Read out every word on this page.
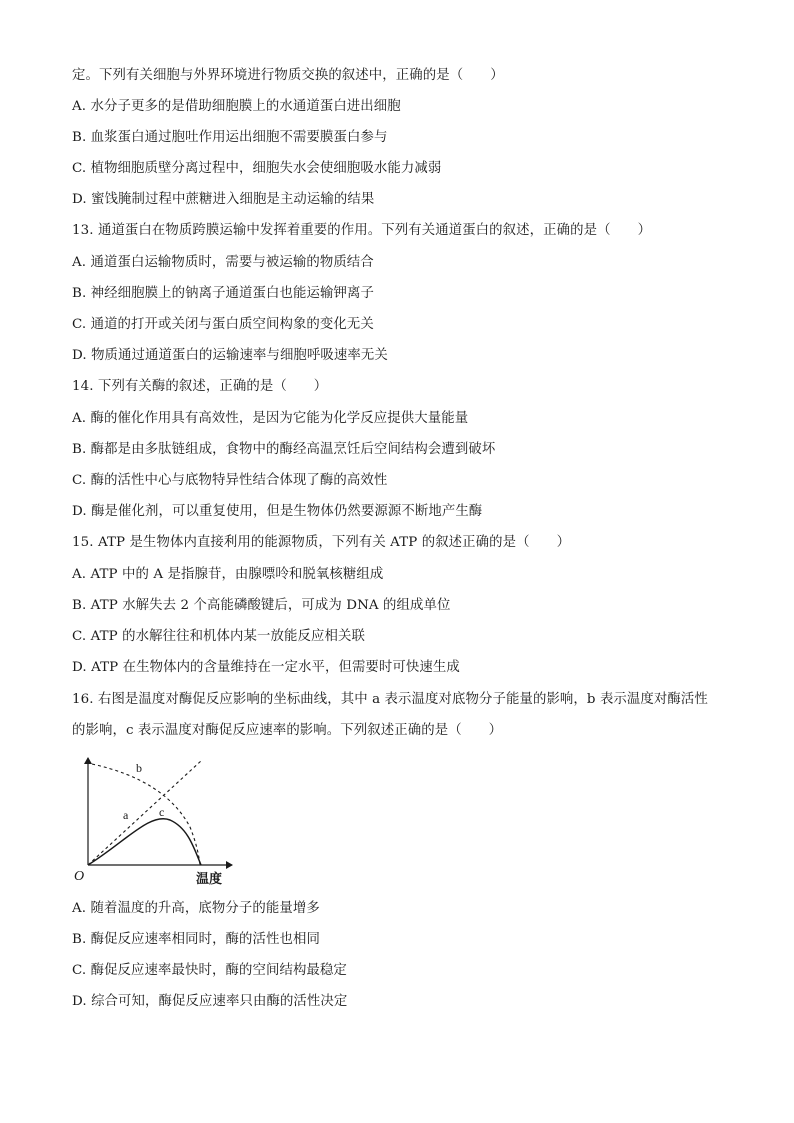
定。下列有关细胞与外界环境进行物质交换的叙述中，正确的是（　　）
A. 水分子更多的是借助细胞膜上的水通道蛋白进出细胞
B. 血浆蛋白通过胞吐作用运出细胞不需要膜蛋白参与
C. 植物细胞质壁分离过程中，细胞失水会使细胞吸水能力减弱
D. 蜜饯腌制过程中蔗糖进入细胞是主动运输的结果
13. 通道蛋白在物质跨膜运输中发挥着重要的作用。下列有关通道蛋白的叙述，正确的是（　　）
A. 通道蛋白运输物质时，需要与被运输的物质结合
B. 神经细胞膜上的钠离子通道蛋白也能运输钾离子
C. 通道的打开或关闭与蛋白质空间构象的变化无关
D. 物质通过通道蛋白的运输速率与细胞呼吸速率无关
14. 下列有关酶的叙述，正确的是（　　）
A. 酶的催化作用具有高效性，是因为它能为化学反应提供大量能量
B. 酶都是由多肽链组成，食物中的酶经高温烹饪后空间结构会遭到破坏
C. 酶的活性中心与底物特异性结合体现了酶的高效性
D. 酶是催化剂，可以重复使用，但是生物体仍然要源源不断地产生酶
15. ATP 是生物体内直接利用的能源物质，下列有关 ATP 的叙述正确的是（　　）
A. ATP 中的 A 是指腺苷，由腺嘌呤和脱氧核糖组成
B. ATP 水解失去 2 个高能磷酸键后，可成为 DNA 的组成单位
C. ATP 的水解往往和机体内某一放能反应相关联
D. ATP 在生物体内的含量维持在一定水平，但需要时可快速生成
16. 右图是温度对酶促反应影响的坐标曲线，其中 a 表示温度对底物分子能量的影响，b 表示温度对酶活性
的影响，c 表示温度对酶促反应速率的影响。下列叙述正确的是（　　）
b
a	c
O	温度
A. 随着温度的升高，底物分子的能量增多
B. 酶促反应速率相同时，酶的活性也相同
C. 酶促反应速率最快时，酶的空间结构最稳定
D. 综合可知，酶促反应速率只由酶的活性决定
